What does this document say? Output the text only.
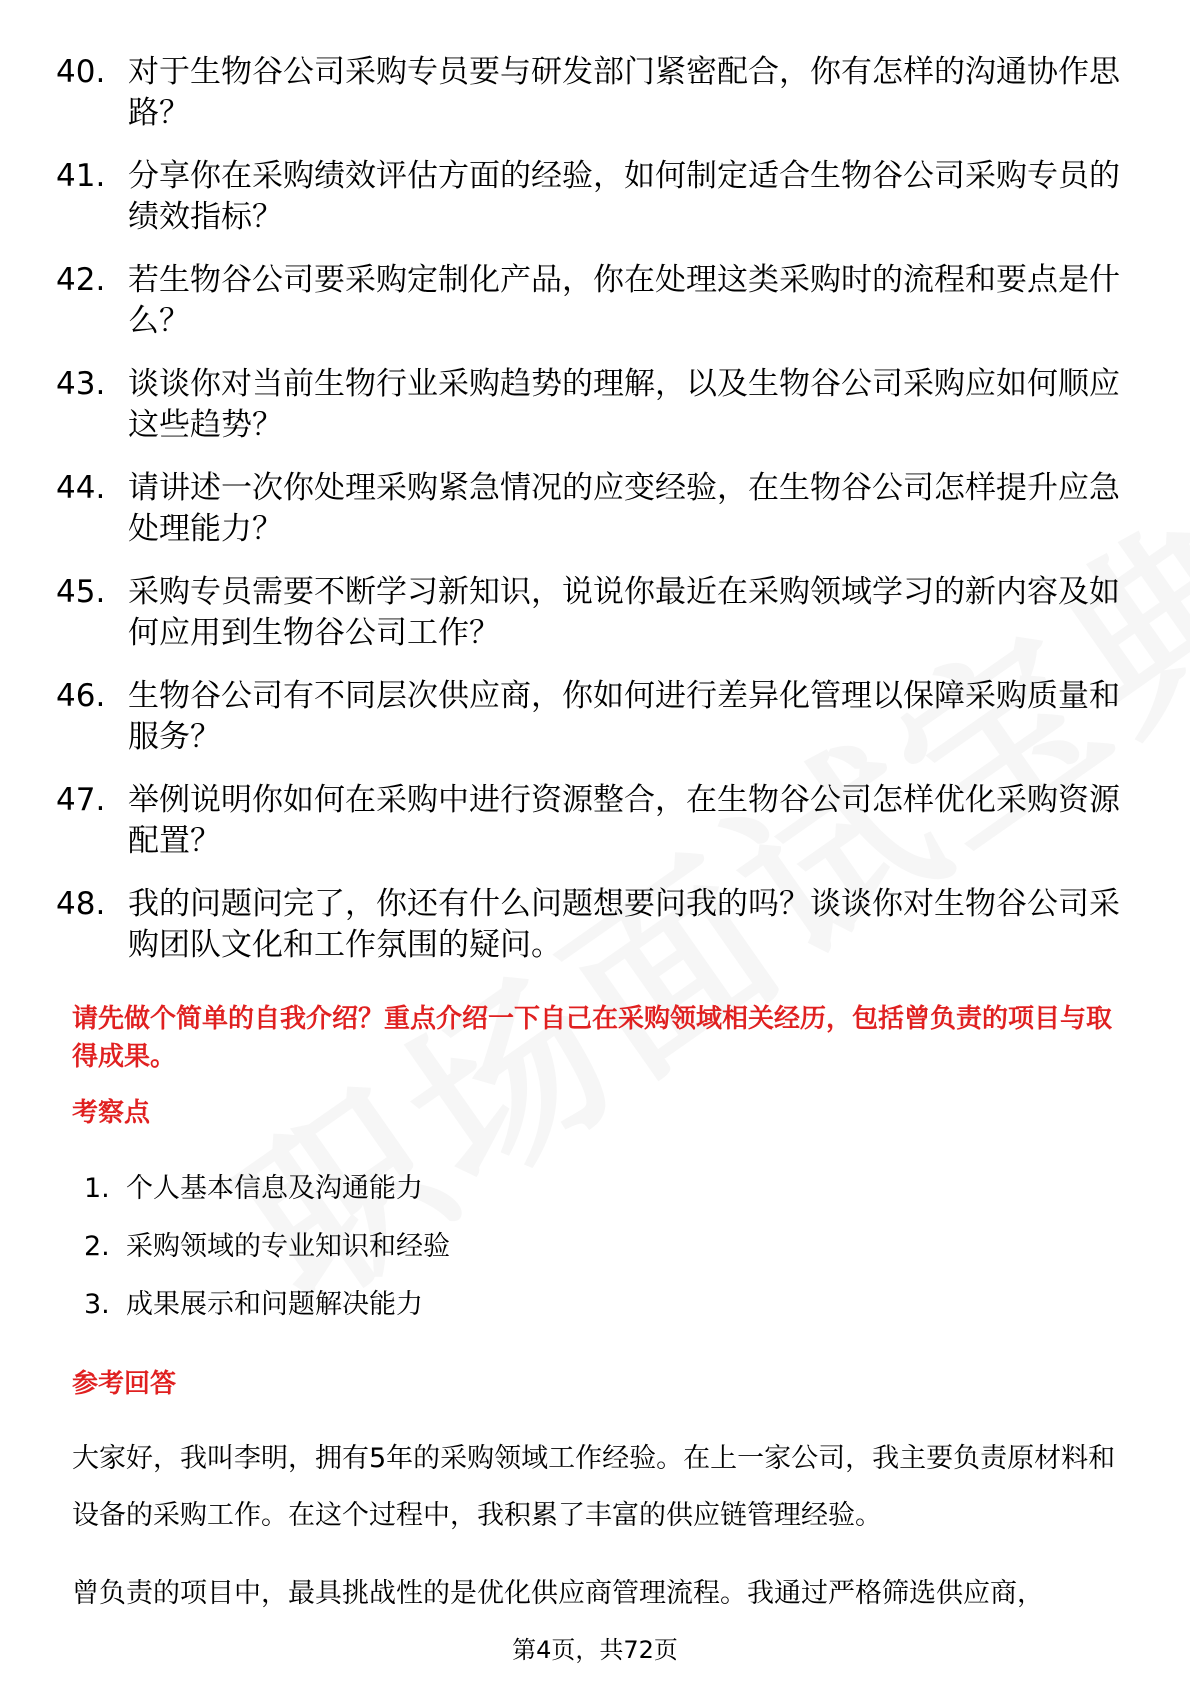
40. 对于生物谷公司采购专员要与研发部门紧密配合，你有怎样的沟通协作思路？
41. 分享你在采购绩效评估方面的经验，如何制定适合生物谷公司采购专员的绩效指标？
42. 若生物谷公司要采购定制化产品，你在处理这类采购时的流程和要点是什么？
43. 谈谈你对当前生物行业采购趋势的理解，以及生物谷公司采购应如何顺应这些趋势？
44. 请讲述一次你处理采购紧急情况的应变经验，在生物谷公司怎样提升应急处理能力？
45. 采购专员需要不断学习新知识，说说你最近在采购领域学习的新内容及如何应用到生物谷公司工作？
46. 生物谷公司有不同层次供应商，你如何进行差异化管理以保障采购质量和服务？
47. 举例说明你如何在采购中进行资源整合，在生物谷公司怎样优化采购资源配置？
48. 我的问题问完了，你还有什么问题想要问我的吗？谈谈你对生物谷公司采购团队文化和工作氛围的疑问。

请先做个简单的自我介绍？重点介绍一下自己在采购领域相关经历，包括曾负责的项目与取得成果。

考察点
1. 个人基本信息及沟通能力
2. 采购领域的专业知识和经验
3. 成果展示和问题解决能力
参考回答

大家好，我叫李明，拥有5年的采购领域工作经验。在上一家公司，我主要负责原材料和设备的采购工作。在这个过程中，我积累了丰富的供应链管理经验。

曾负责的项目中，最具挑战性的是优化供应商管理流程。我通过严格筛选供应商，

第4页，共72页
